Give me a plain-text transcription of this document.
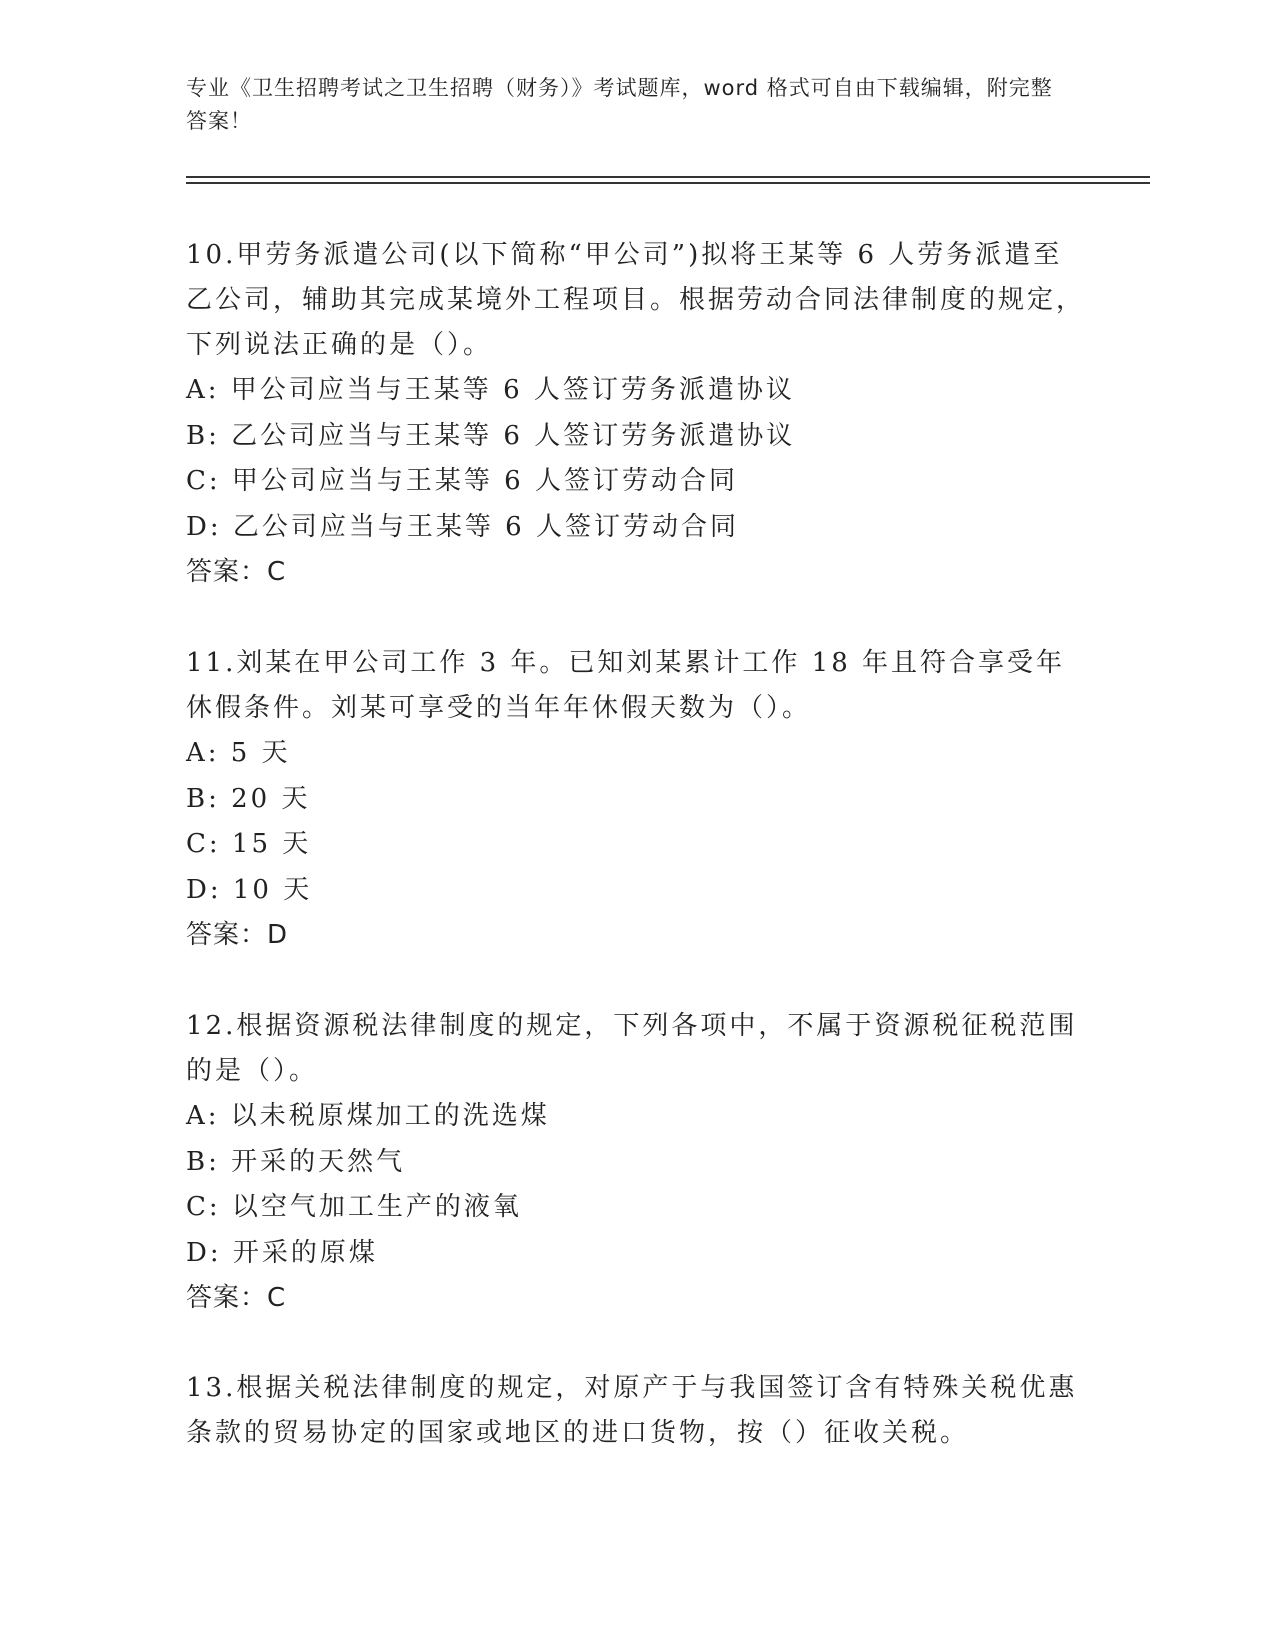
专业《卫生招聘考试之卫生招聘（财务）》考试题库，word 格式可自由下载编辑，附完整答案！

10.甲劳务派遣公司(以下简称“甲公司”)拟将王某等 6 人劳务派遣至乙公司，辅助其完成某境外工程项目。根据劳动合同法律制度的规定，下列说法正确的是（）。

A: 甲公司应当与王某等 6 人签订劳务派遣协议

B: 乙公司应当与王某等 6 人签订劳务派遣协议

C: 甲公司应当与王某等 6 人签订劳动合同

D: 乙公司应当与王某等 6 人签订劳动合同

答案：C

11.刘某在甲公司工作 3 年。已知刘某累计工作 18 年且符合享受年休假条件。刘某可享受的当年年休假天数为（）。

A: 5 天

B: 20 天

C: 15 天

D: 10 天

答案：D

12.根据资源税法律制度的规定，下列各项中，不属于资源税征税范围的是（）。

A: 以未税原煤加工的洗选煤

B: 开采的天然气

C: 以空气加工生产的液氧

D: 开采的原煤

答案：C

13.根据关税法律制度的规定，对原产于与我国签订含有特殊关税优惠条款的贸易协定的国家或地区的进口货物，按（）征收关税。
